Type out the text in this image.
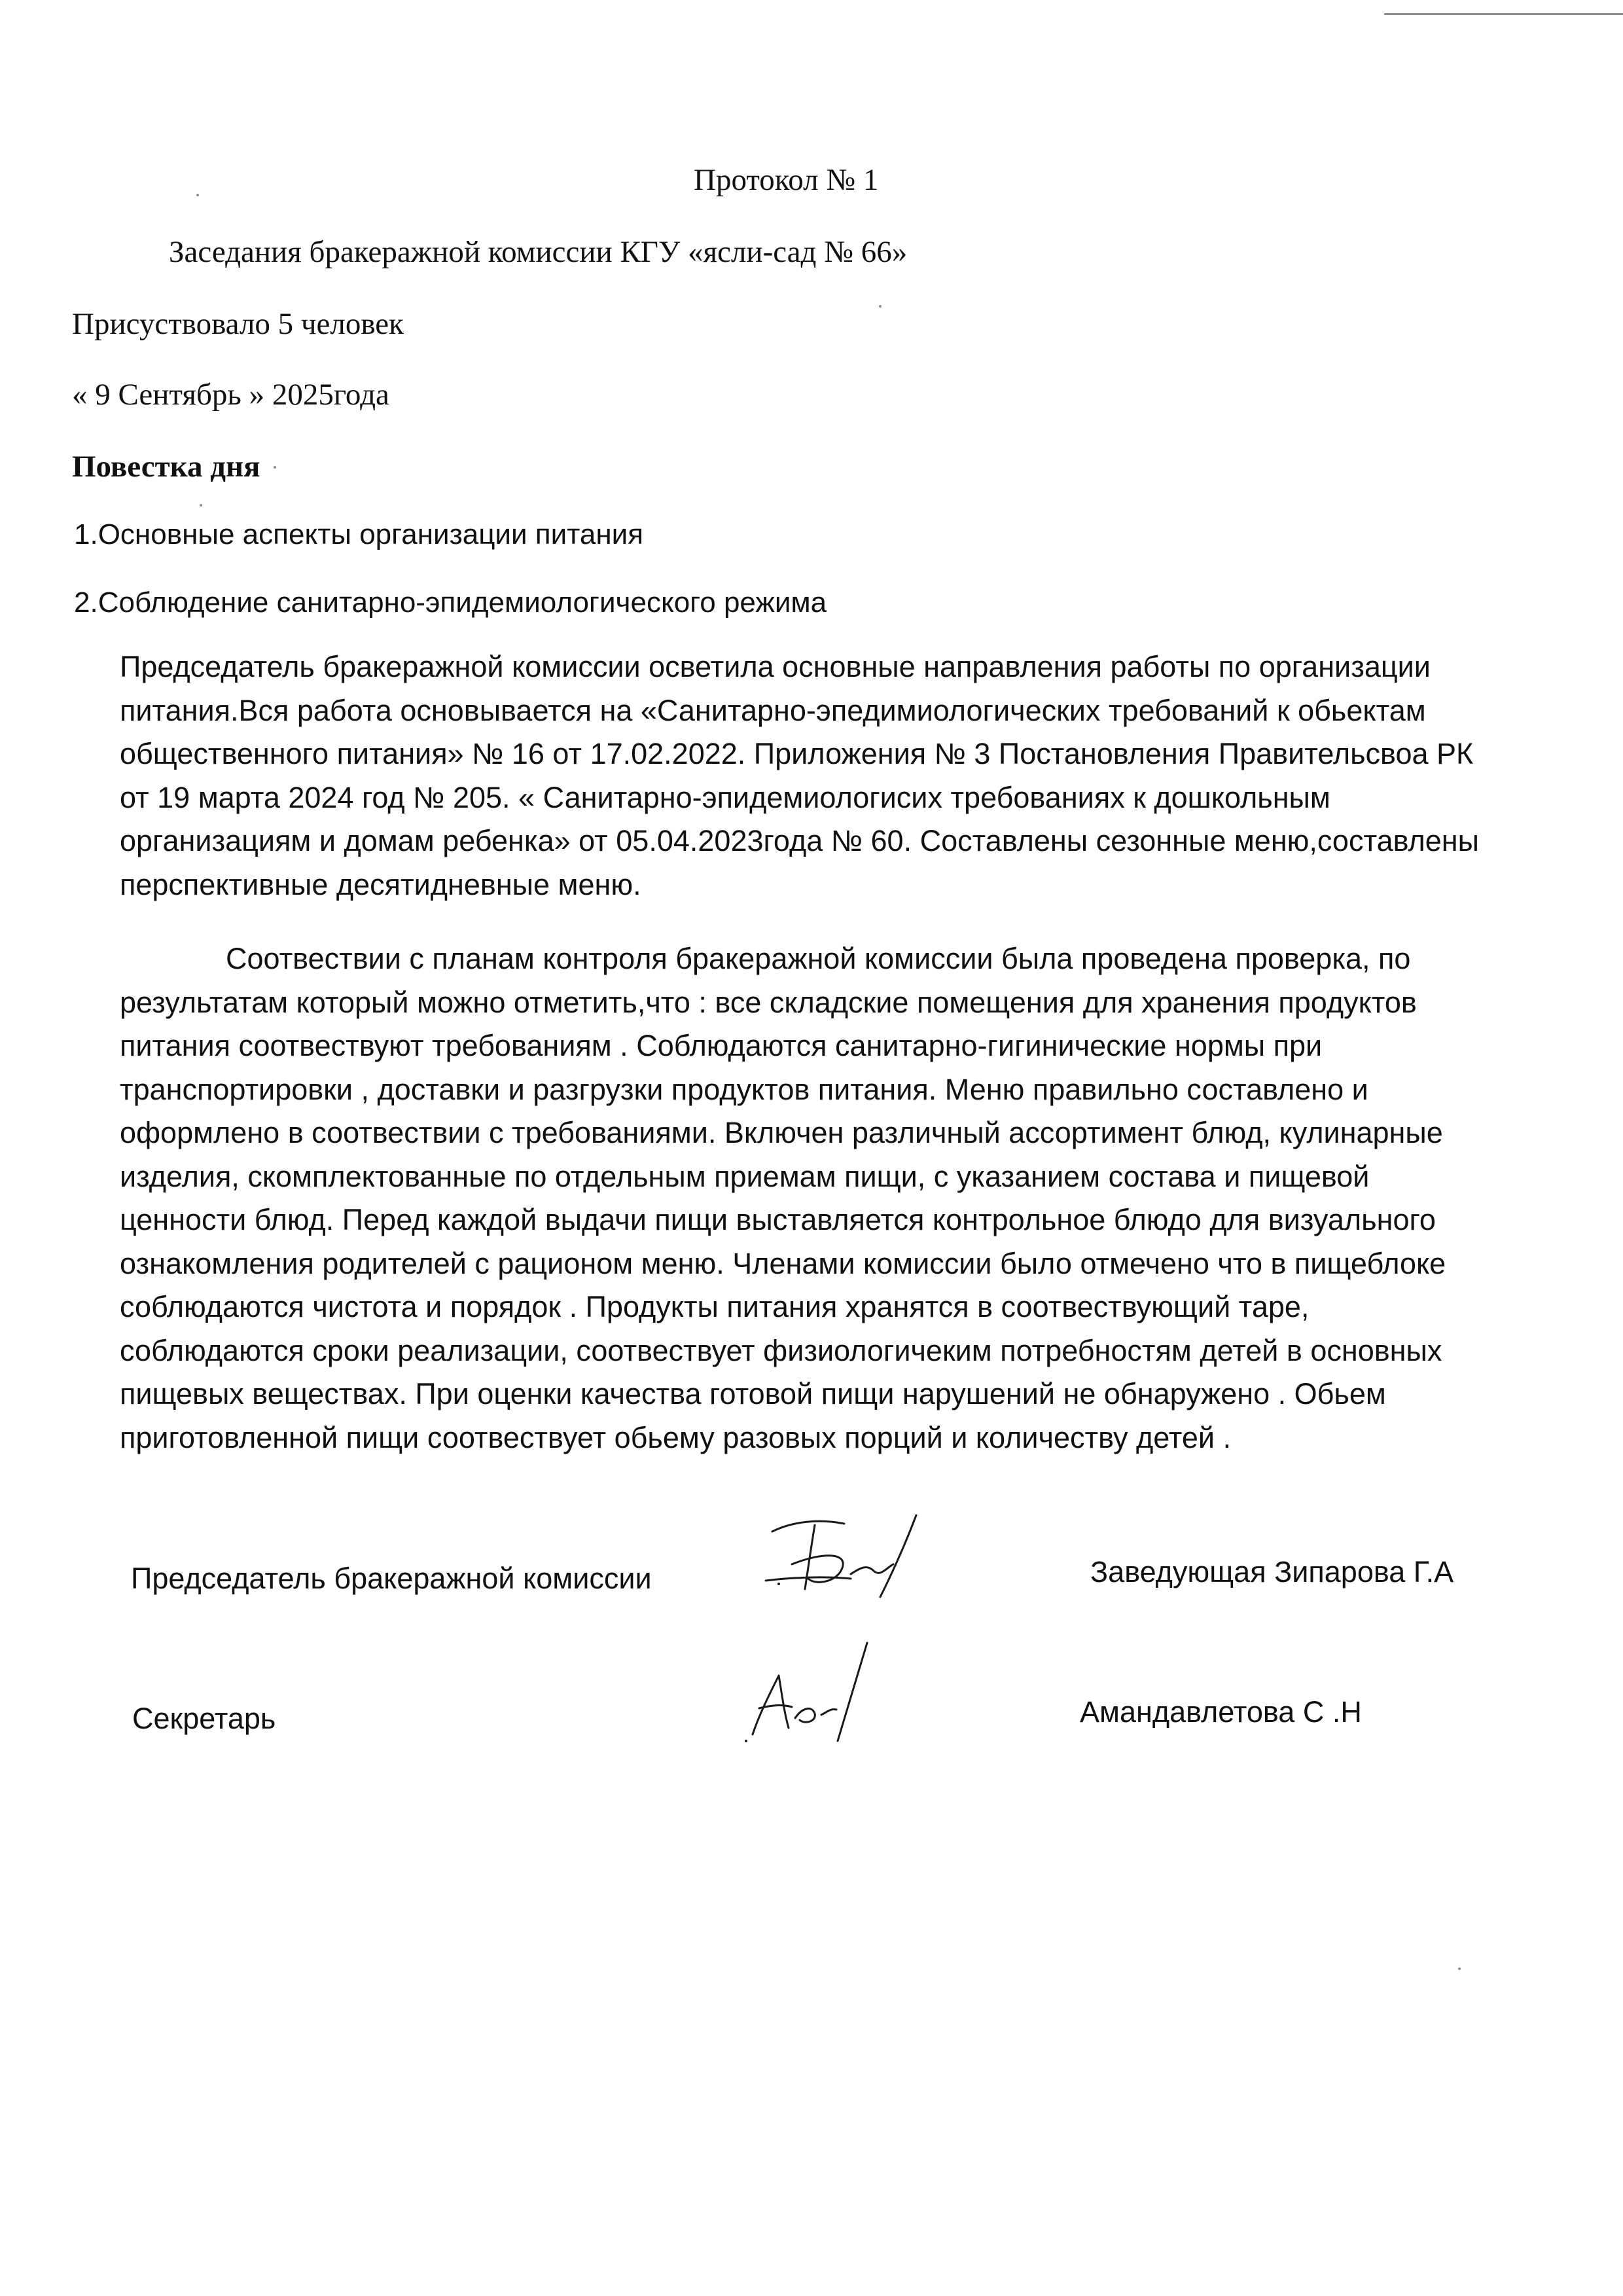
Протокол № 1
Заседания бракеражной комиссии КГУ «ясли-сад № 66»
Присуствовало 5 человек
« 9 Сентябрь » 2025года
Повестка дня
1.Основные аспекты организации питания
2.Соблюдение санитарно-эпидемиологического режима
Председатель бракеражной комиссии осветила основные направления работы по организации
питания.Вся работа основывается на «Санитарно-эпедимиологических требований к обьектам
общественного питания» № 16 от 17.02.2022. Приложения № 3 Постановления Правительсвоа РК
от 19 марта 2024 год № 205. « Санитарно-эпидемиологисих требованиях к дошкольным
организациям и домам ребенка» от 05.04.2023года № 60. Составлены сезонные меню,составлены
перспективные десятидневные меню.
Соотвествии с планам контроля бракеражной комиссии была проведена проверка, по
результатам который можно отметить,что : все складские помещения для хранения продуктов
питания соотвествуют требованиям . Соблюдаются санитарно-гигинические нормы при
транспортировки , доставки и разгрузки продуктов питания. Меню правильно составлено и
оформлено в соотвествии с требованиями. Включен различный ассортимент блюд, кулинарные
изделия, скомплектованные по отдельным приемам пищи, с указанием состава и пищевой
ценности блюд. Перед каждой выдачи пищи выставляется контрольное блюдо для визуального
ознакомления родителей с рационом меню. Членами комиссии было отмечено что в пищеблоке
соблюдаются чистота и порядок . Продукты питания хранятся в соотвествующий таре,
соблюдаются сроки реализации, соотвествует физиологичеким потребностям детей в основных
пищевых веществах. При оценки качества готовой пищи нарушений не обнаружено . Обьем
приготовленной пищи соотвествует обьему разовых порций и количеству детей .
Председатель бракеражной комиссии	Заведующая Зипарова Г.А
Секретарь	Амандавлетова С .Н
